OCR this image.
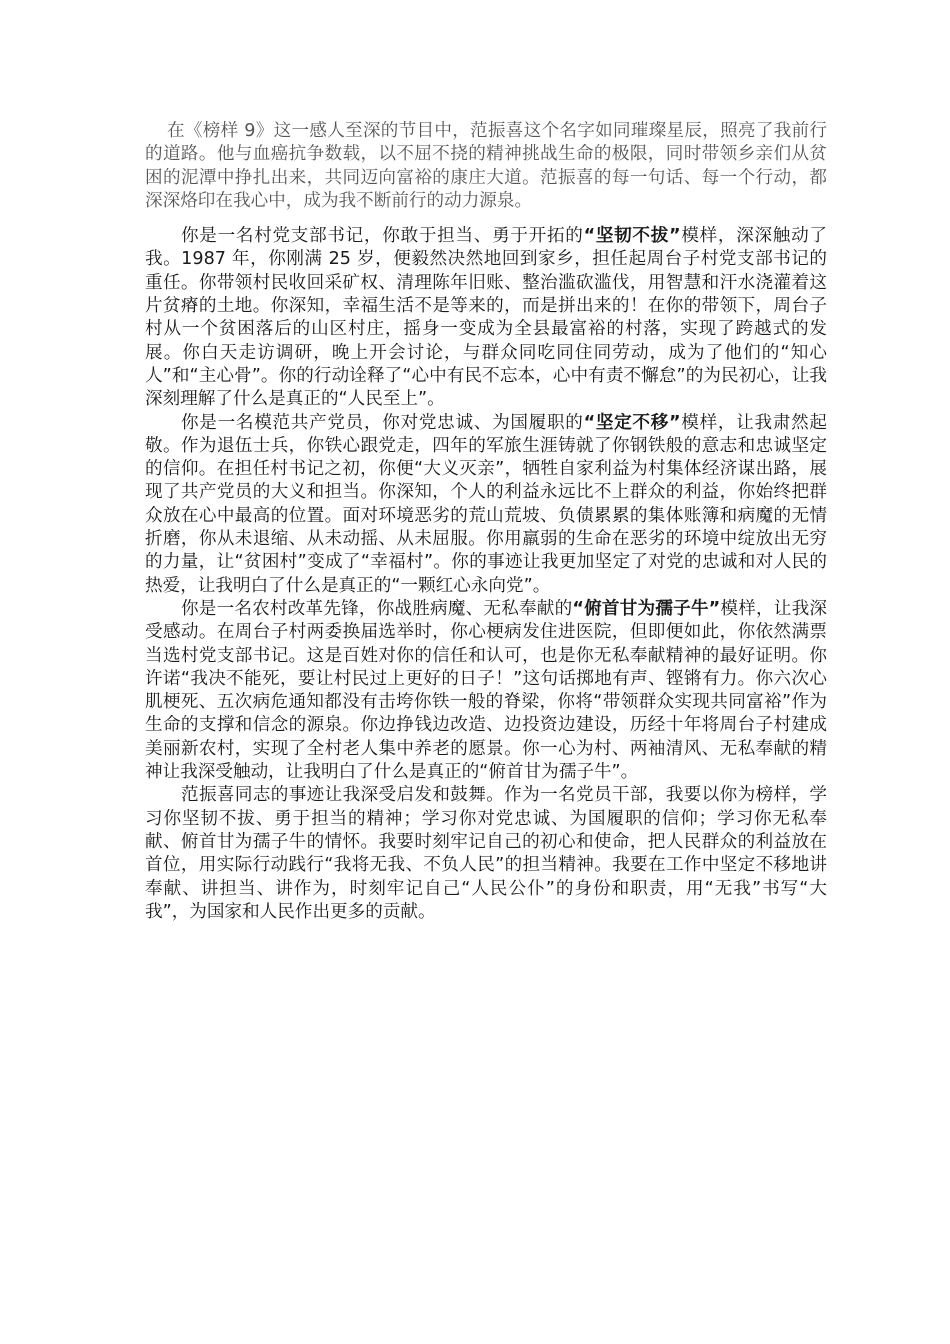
在《榜样 9》这一感人至深的节目中，范振喜这个名字如同璀璨星辰，照亮了我前行的道路。他与血癌抗争数载，以不屈不挠的精神挑战生命的极限，同时带领乡亲们从贫困的泥潭中挣扎出来，共同迈向富裕的康庄大道。范振喜的每一句话、每一个行动，都深深烙印在我心中，成为我不断前行的动力源泉。

你是一名村党支部书记，你敢于担当、勇于开拓的“坚韧不拔”模样，深深触动了我。1987 年，你刚满 25 岁，便毅然决然地回到家乡，担任起周台子村党支部书记的重任。你带领村民收回采矿权、清理陈年旧账、整治滥砍滥伐，用智慧和汗水浇灌着这片贫瘠的土地。你深知，幸福生活不是等来的，而是拼出来的！在你的带领下，周台子村从一个贫困落后的山区村庄，摇身一变成为全县最富裕的村落，实现了跨越式的发展。你白天走访调研，晚上开会讨论，与群众同吃同住同劳动，成为了他们的“知心人”和“主心骨”。你的行动诠释了“心中有民不忘本，心中有责不懈怠”的为民初心，让我深刻理解了什么是真正的“人民至上”。

你是一名模范共产党员，你对党忠诚、为国履职的“坚定不移”模样，让我肃然起敬。作为退伍士兵，你铁心跟党走，四年的军旅生涯铸就了你钢铁般的意志和忠诚坚定的信仰。在担任村书记之初，你便“大义灭亲”，牺牲自家利益为村集体经济谋出路，展现了共产党员的大义和担当。你深知，个人的利益永远比不上群众的利益，你始终把群众放在心中最高的位置。面对环境恶劣的荒山荒坡、负债累累的集体账簿和病魔的无情折磨，你从未退缩、从未动摇、从未屈服。你用羸弱的生命在恶劣的环境中绽放出无穷的力量，让“贫困村”变成了“幸福村”。你的事迹让我更加坚定了对党的忠诚和对人民的热爱，让我明白了什么是真正的“一颗红心永向党”。

你是一名农村改革先锋，你战胜病魔、无私奉献的“俯首甘为孺子牛”模样，让我深受感动。在周台子村两委换届选举时，你心梗病发住进医院，但即便如此，你依然满票当选村党支部书记。这是百姓对你的信任和认可，也是你无私奉献精神的最好证明。你许诺“我决不能死，要让村民过上更好的日子！”这句话掷地有声、铿锵有力。你六次心肌梗死、五次病危通知都没有击垮你铁一般的脊梁，你将“带领群众实现共同富裕”作为生命的支撑和信念的源泉。你边挣钱边改造、边投资边建设，历经十年将周台子村建成美丽新农村，实现了全村老人集中养老的愿景。你一心为村、两袖清风、无私奉献的精神让我深受触动，让我明白了什么是真正的“俯首甘为孺子牛”。

范振喜同志的事迹让我深受启发和鼓舞。作为一名党员干部，我要以你为榜样，学习你坚韧不拔、勇于担当的精神；学习你对党忠诚、为国履职的信仰；学习你无私奉献、俯首甘为孺子牛的情怀。我要时刻牢记自己的初心和使命，把人民群众的利益放在首位，用实际行动践行“我将无我、不负人民”的担当精神。我要在工作中坚定不移地讲奉献、讲担当、讲作为，时刻牢记自己“人民公仆”的身份和职责，用“无我”书写“大我”，为国家和人民作出更多的贡献。
